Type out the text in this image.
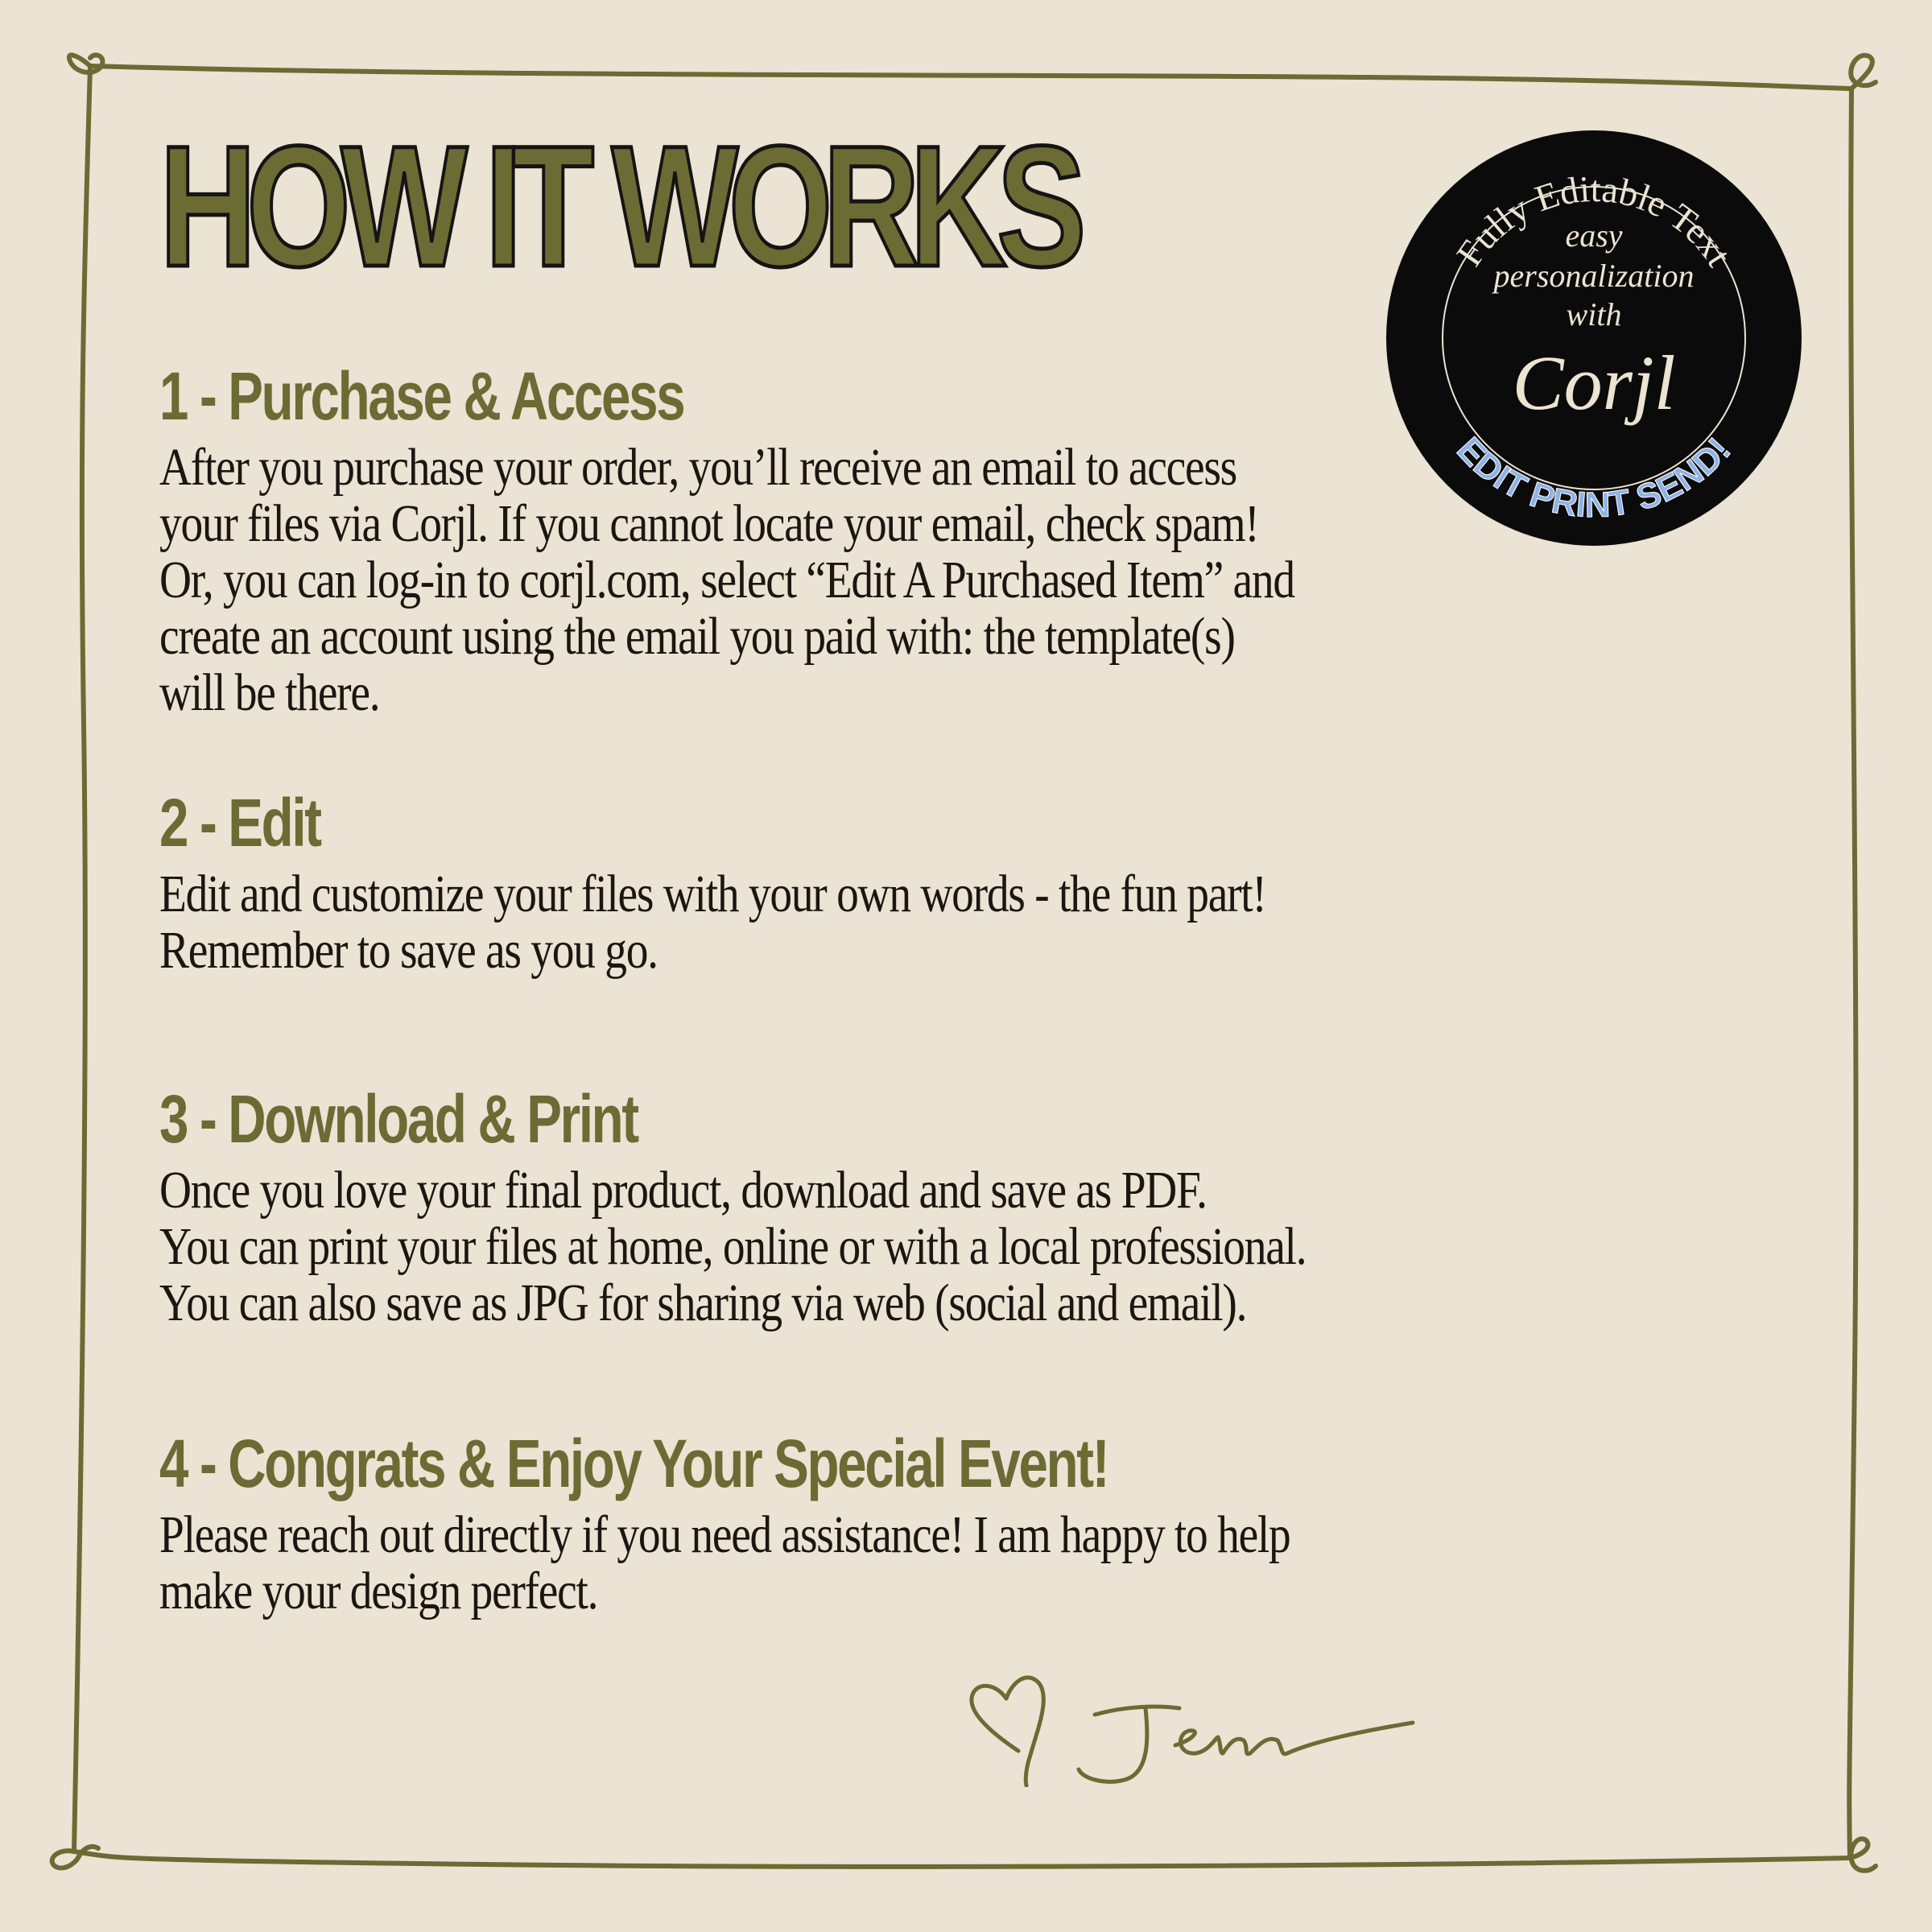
HOW IT WORKS	Fully Editable Text
easy
personalization
with
Corjl
EDIT PRINT SEND!
1 - Purchase & Access

After you purchase your order, you’ll receive an email to access
your files via Corjl. If you cannot locate your email, check spam!
Or, you can log-in to corjl.com, select “Edit A Purchased Item” and
create an account using the email you paid with: the template(s)
will be there.

2 - Edit

Edit and customize your files with your own words - the fun part!
Remember to save as you go.

3 - Download & Print

Once you love your final product, download and save as PDF.
You can print your files at home, online or with a local professional.
You can also save as JPG for sharing via web (social and email).

4 - Congrats & Enjoy Your Special Event!

Please reach out directly if you need assistance! I am happy to help
make your design perfect.
